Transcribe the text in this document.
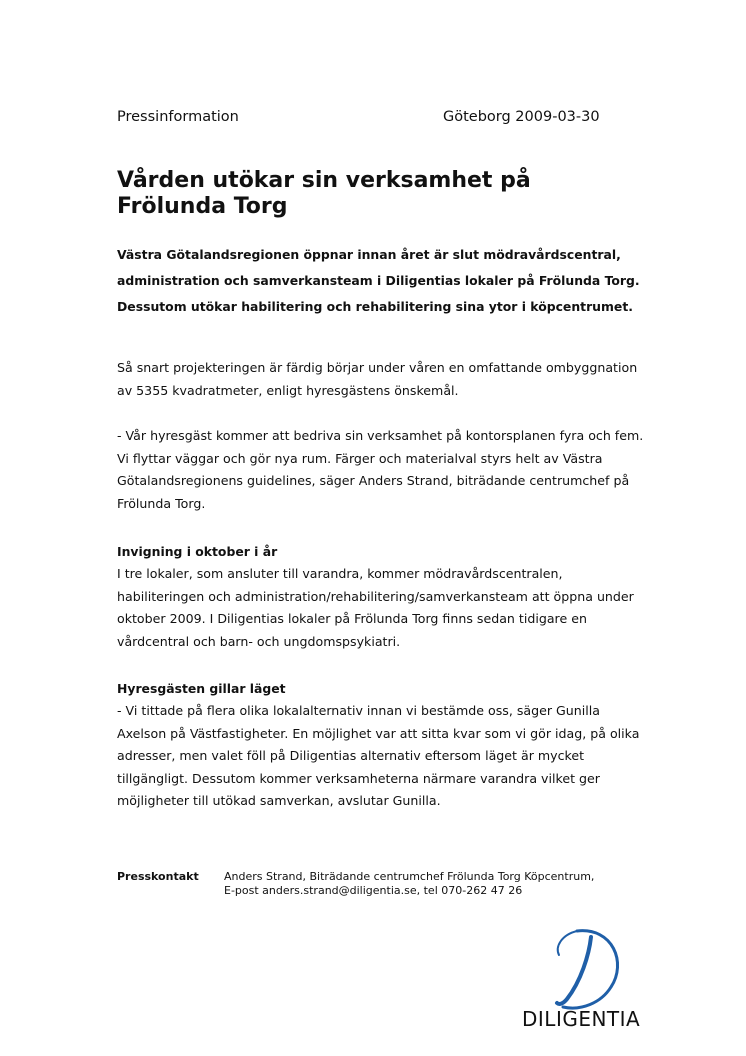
Pressinformation	Göteborg 2009-03-30
Vården utökar sin verksamhet på Frölunda Torg

Västra Götalandsregionen öppnar innan året är slut mödravårdscentral, administration och samverkansteam i Diligentias lokaler på Frölunda Torg. Dessutom utökar habilitering och rehabilitering sina ytor i köpcentrumet.

Så snart projekteringen är färdig börjar under våren en omfattande ombyggnation av 5355 kvadratmeter, enligt hyresgästens önskemål.

- Vår hyresgäst kommer att bedriva sin verksamhet på kontorsplanen fyra och fem. Vi flyttar väggar och gör nya rum. Färger och materialval styrs helt av Västra Götalandsregionens guidelines, säger Anders Strand, biträdande centrumchef på Frölunda Torg.

Invigning i oktober i år

I tre lokaler, som ansluter till varandra, kommer mödravårdscentralen, habiliteringen och administration/rehabilitering/samverkansteam att öppna under oktober 2009. I Diligentias lokaler på Frölunda Torg finns sedan tidigare en vårdcentral och barn- och ungdomspsykiatri.

Hyresgästen gillar läget

- Vi tittade på flera olika lokalalternativ innan vi bestämde oss, säger Gunilla Axelson på Västfastigheter. En möjlighet var att sitta kvar som vi gör idag, på olika adresser, men valet föll på Diligentias alternativ eftersom läget är mycket tillgängligt. Dessutom kommer verksamheterna närmare varandra vilket ger möjligheter till utökad samverkan, avslutar Gunilla.

Presskontakt Anders Strand, Biträdande centrumchef Frölunda Torg Köpcentrum,
E-post anders.strand@diligentia.se, tel 070-262 47 26
DILIGENTIA
